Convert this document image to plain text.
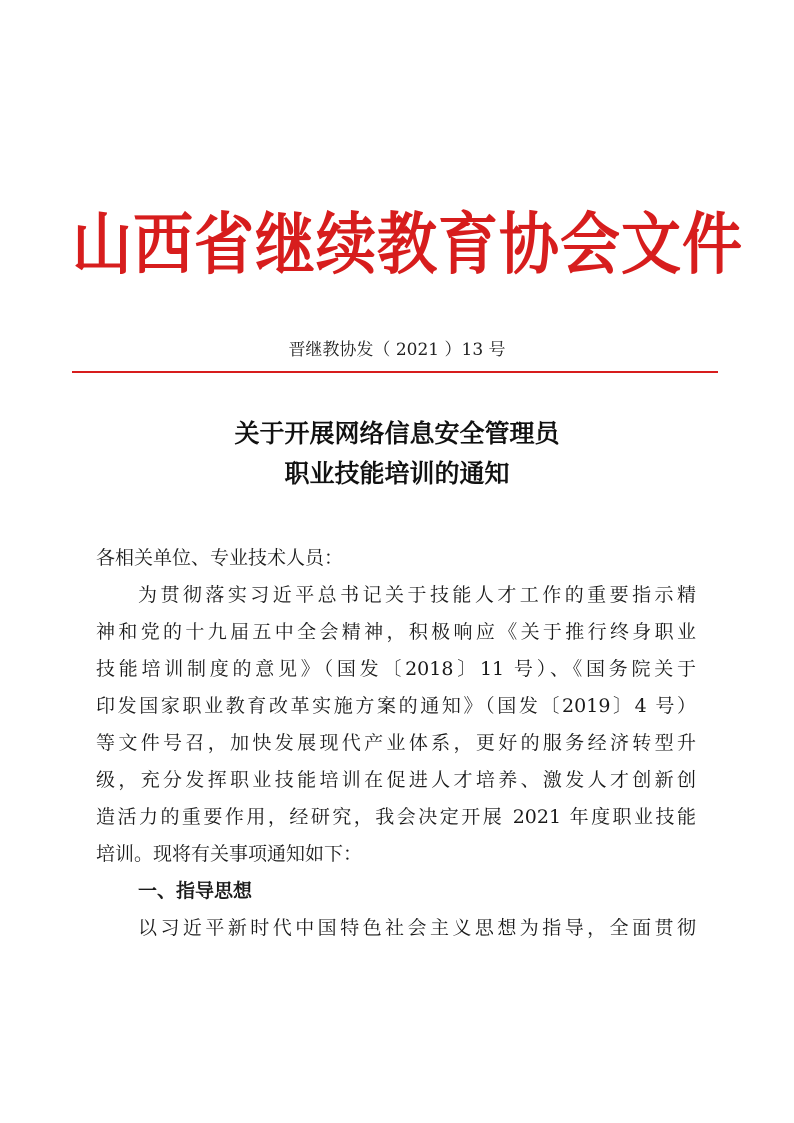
山西省继续教育协会文件
晋继教协发（ 2021 ）13 号
关于开展网络信息安全管理员
职业技能培训的通知
各相关单位、专业技术人员：
为贯彻落实习近平总书记关于技能人才工作的重要指示精
神和党的十九届五中全会精神，积极响应《关于推行终身职业
技能培训制度的意见》（国发〔2018〕11 号）、《国务院关于
印发国家职业教育改革实施方案的通知》（国发〔2019〕4 号）
等文件号召，加快发展现代产业体系，更好的服务经济转型升
级，充分发挥职业技能培训在促进人才培养、激发人才创新创
造活力的重要作用，经研究，我会决定开展 2021 年度职业技能
培训。现将有关事项通知如下：
一、指导思想
以习近平新时代中国特色社会主义思想为指导，全面贯彻
